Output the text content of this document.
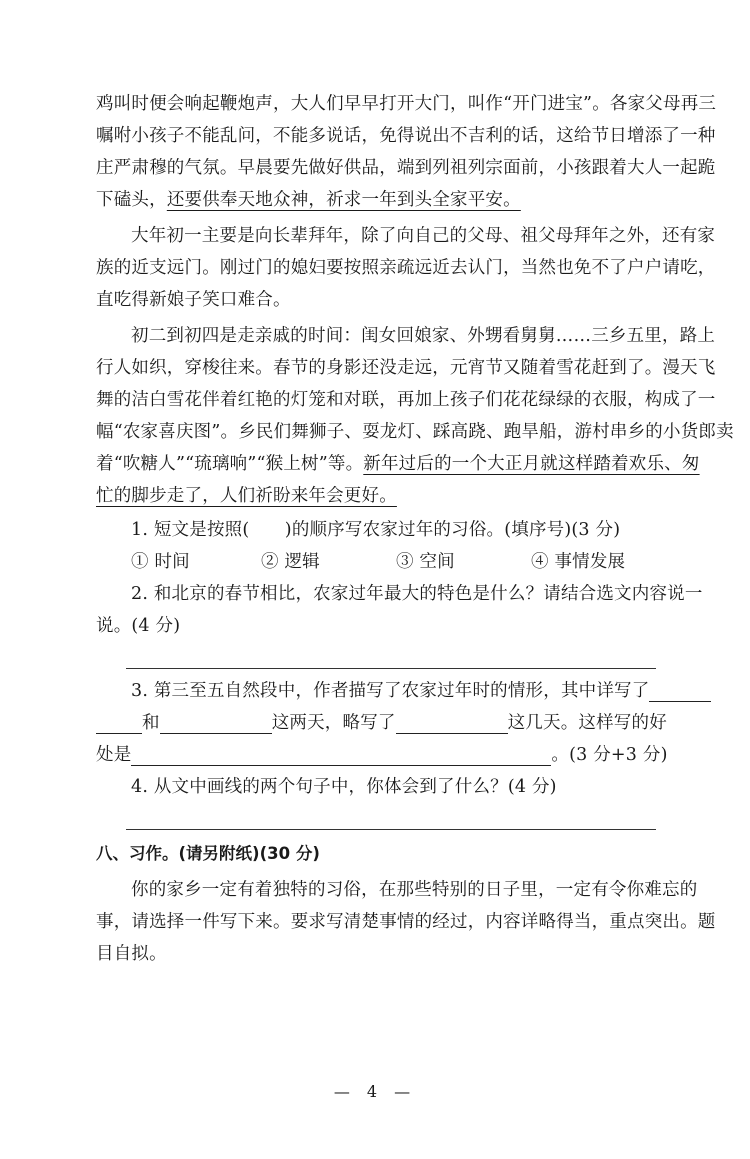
鸡叫时便会响起鞭炮声，大人们早早打开大门，叫作“开门进宝”。各家父母再三
嘱咐小孩子不能乱问，不能多说话，免得说出不吉利的话，这给节日增添了一种
庄严肃穆的气氛。早晨要先做好供品，端到列祖列宗面前，小孩跟着大人一起跪
下磕头，还要供奉天地众神，祈求一年到头全家平安。
大年初一主要是向长辈拜年，除了向自己的父母、祖父母拜年之外，还有家
族的近支远门。刚过门的媳妇要按照亲疏远近去认门，当然也免不了户户请吃，
直吃得新娘子笑口难合。
初二到初四是走亲戚的时间：闺女回娘家、外甥看舅舅……三乡五里，路上
行人如织，穿梭往来。春节的身影还没走远，元宵节又随着雪花赶到了。漫天飞
舞的洁白雪花伴着红艳的灯笼和对联，再加上孩子们花花绿绿的衣服，构成了一
幅“农家喜庆图”。乡民们舞狮子、耍龙灯、踩高跷、跑旱船，游村串乡的小货郎卖
着“吹糖人”“琉璃响”“猴上树”等。新年过后的一个大正月就这样踏着欢乐、匆
忙的脚步走了，人们祈盼来年会更好。
1. 短文是按照(　　)的顺序写农家过年的习俗。(填序号)(3 分)
① 时间	② 逻辑	③ 空间	④ 事情发展
2. 和北京的春节相比，农家过年最大的特色是什么？请结合选文内容说一
说。(4 分)
3. 第三至五自然段中，作者描写了农家过年时的情形，其中详写了
和	这两天，略写了	这几天。这样写的好
处是	。(3 分+3 分)
4. 从文中画线的两个句子中，你体会到了什么？(4 分)
八、习作。(请另附纸)(30 分)
你的家乡一定有着独特的习俗，在那些特别的日子里，一定有令你难忘的
事，请选择一件写下来。要求写清楚事情的经过，内容详略得当，重点突出。题
目自拟。
— 4 —
